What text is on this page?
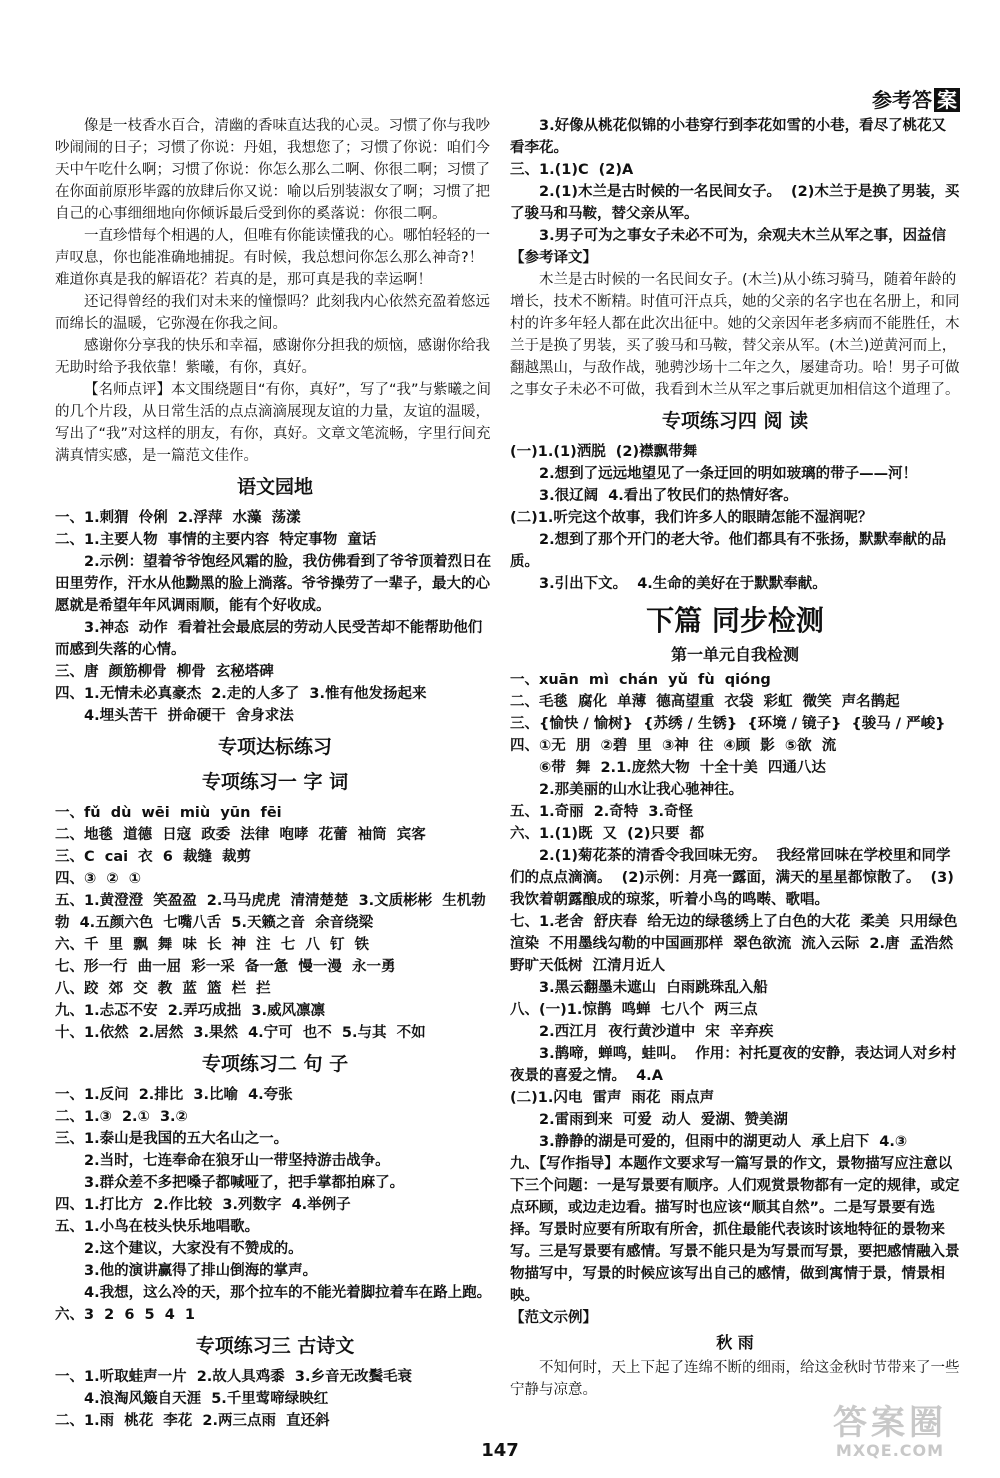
参考答 案

像是一枝香水百合，清幽的香味直达我的心灵。习惯了你与我吵吵闹闹的日子；习惯了你说：丹姐，我想您了；习惯了你说：咱们今天中午吃什么啊；习惯了你说：你怎么那么二啊、你很二啊；习惯了在你面前原形毕露的放肆后你又说：喻以后别装淑女了啊；习惯了把自己的心事细细地向你倾诉最后受到你的奚落说：你很二啊。

一直珍惜每个相遇的人，但唯有你能读懂我的心。哪怕轻轻的一声叹息，你也能准确地捕捉。有时候，我总想问你怎么那么神奇?！难道你真是我的解语花？若真的是，那可真是我的幸运啊！

还记得曾经的我们对未来的憧憬吗？此刻我内心依然充盈着悠远而绵长的温暖，它弥漫在你我之间。

感谢你分享我的快乐和幸福，感谢你分担我的烦恼，感谢你给我无助时给予我依靠！紫曦，有你，真好。

【名师点评】本文围绕题目“有你，真好”，写了“我”与紫曦之间的几个片段，从日常生活的点点滴滴展现友谊的力量，友谊的温暖，写出了“我”对这样的朋友，有你，真好。文章文笔流畅，字里行间充满真情实感，是一篇范文佳作。

语文园地

一、1.刺猬  伶俐  2.浮萍  水藻  荡漾

二、1.主要人物  事情的主要内容  特定事物  童话

2.示例：望着爷爷饱经风霜的脸，我仿佛看到了爷爷顶着烈日在田里劳作，汗水从他黝黑的脸上淌落。爷爷操劳了一辈子，最大的心愿就是希望年年风调雨顺，能有个好收成。

3.神态  动作  看着社会最底层的劳动人民受苦却不能帮助他们而感到失落的心情。

三、唐  颜筋柳骨  柳骨  玄秘塔碑

四、1.无情未必真豪杰  2.走的人多了  3.惟有他发扬起来

4.埋头苦干  拼命硬干  舍身求法

专项达标练习
专项练习一 字 词

一、fǔ  dù  wēi  miù  yūn  fēi

二、地毯  道德  日寇  政委  法律  咆哮  花蕾  袖筒  宾客

三、C  cai  衣  6  裁缝  裁剪

四、③  ②  ①

五、1.黄澄澄  笑盈盈  2.马马虎虎  清清楚楚  3.文质彬彬  生机勃勃  4.五颜六色  七嘴八舌  5.天籁之音  余音绕梁

六、千  里  飘  舞  味  长  神  注  七  八  钉  铁

七、形一行  曲一屈  彩一采  备一惫  慢一漫  永一勇

八、跤  郊  交  教  蓝  篮  栏  拦

九、1.忐忑不安  2.弄巧成拙  3.威风凛凛

十、1.依然  2.居然  3.果然  4.宁可  也不  5.与其  不如

专项练习二 句 子

一、1.反问  2.排比  3.比喻  4.夸张

二、1.③  2.①  3.②

三、1.泰山是我国的五大名山之一。

2.当时，七连奉命在狼牙山一带坚持游击战争。

3.群众差不多把嗓子都喊哑了，把手掌都拍麻了。

四、1.打比方  2.作比较  3.列数字  4.举例子

五、1.小鸟在枝头快乐地唱歌。

2.这个建议，大家没有不赞成的。

3.他的演讲赢得了排山倒海的掌声。

4.我想，这么冷的天，那个拉车的不能光着脚拉着车在路上跑。

六、3  2  6  5  4  1

专项练习三 古诗文

一、1.听取蛙声一片  2.故人具鸡黍  3.乡音无改鬓毛衰

4.浪淘风簸自天涯  5.千里莺啼绿映红

二、1.雨  桃花  李花  2.两三点雨  直还斜

3.好像从桃花似锦的小巷穿行到李花如雪的小巷，看尽了桃花又看李花。

三、1.(1)C  (2)A

2.(1)木兰是古时候的一名民间女子。  (2)木兰于是换了男装，买了骏马和马鞍，替父亲从军。

3.男子可为之事女子未必不可为，余观夫木兰从军之事，因益信

【参考译文】

木兰是古时候的一名民间女子。(木兰)从小练习骑马，随着年龄的增长，技术不断精。时值可汗点兵，她的父亲的名字也在名册上，和同村的许多年轻人都在此次出征中。她的父亲因年老多病而不能胜任，木兰于是换了男装，买了骏马和马鞍，替父亲从军。(木兰)逆黄河而上，翻越黑山，与敌作战，驰骋沙场十二年之久，屡建奇功。哈！男子可做之事女子未必不可做，我看到木兰从军之事后就更加相信这个道理了。

专项练习四 阅 读

(一)1.(1)洒脱  (2)襟飘带舞

2.想到了远远地望见了一条迂回的明如玻璃的带子——河！

3.很辽阔  4.看出了牧民们的热情好客。

(二)1.听完这个故事，我们许多人的眼睛怎能不湿润呢？

2.想到了那个开门的老大爷。他们都具有不张扬，默默奉献的品质。

3.引出下文。  4.生命的美好在于默默奉献。

下篇 同步检测
第一单元自我检测

一、xuān  mì  chán  yǔ  fù  qióng

二、毛毯  腐化  单薄  德高望重  衣袋  彩虹  微笑  声名鹊起

三、{愉快 / 愉树}  {苏绣 / 生锈}  {环境 / 镜子}  {骏马 / 严峻}

四、①无  朋  ②碧  里  ③神  往  ④顾  影  ⑤欲  流

⑥带  舞  2.1.庞然大物  十全十美  四通八达

2.那美丽的山水让我心驰神往。

五、1.奇丽  2.奇特  3.奇怪

六、1.(1)既  又  (2)只要  都

2.(1)菊花茶的清香令我回味无穷。  我经常回味在学校里和同学们的点点滴滴。  (2)示例：月亮一露面，满天的星星都惊散了。  (3)我饮着朝露酿成的琼浆，听着小鸟的鸣啭、歌唱。

七、1.老舍  舒庆春  给无边的绿毯绣上了白色的大花  柔美  只用绿色渲染  不用墨线勾勒的中国画那样  翠色欲流  流入云际  2.唐  孟浩然  野旷天低树  江清月近人

3.黑云翻墨未遮山  白雨跳珠乱入船

八、(一)1.惊鹊  鸣蝉  七八个  两三点

2.西江月  夜行黄沙道中  宋  辛弃疾

3.鹊啼，蝉鸣，蛙叫。  作用：衬托夏夜的安静，表达词人对乡村夜景的喜爱之情。  4.A

(二)1.闪电  雷声  雨花  雨点声

2.雷雨到来  可爱  动人  爱湖、赞美湖

3.静静的湖是可爱的，但雨中的湖更动人  承上启下  4.③

九、【写作指导】本题作文要求写一篇写景的作文，景物描写应注意以下三个问题：一是写景要有顺序。人们观赏景物都有一定的规律，或定点环顾，或边走边看。描写时也应该“顺其自然”。二是写景要有选择。写景时应要有所取有所舍，抓住最能代表该时该地特征的景物来写。三是写景要有感情。写景不能只是为写景而写景，要把感情融入景物描写中，写景的时候应该写出自己的感情，做到寓情于景，情景相映。

【范文示例】

秋 雨

不知何时，天上下起了连绵不断的细雨，给这金秋时节带来了一些宁静与凉意。

147
答案圈
MXQE.COM
